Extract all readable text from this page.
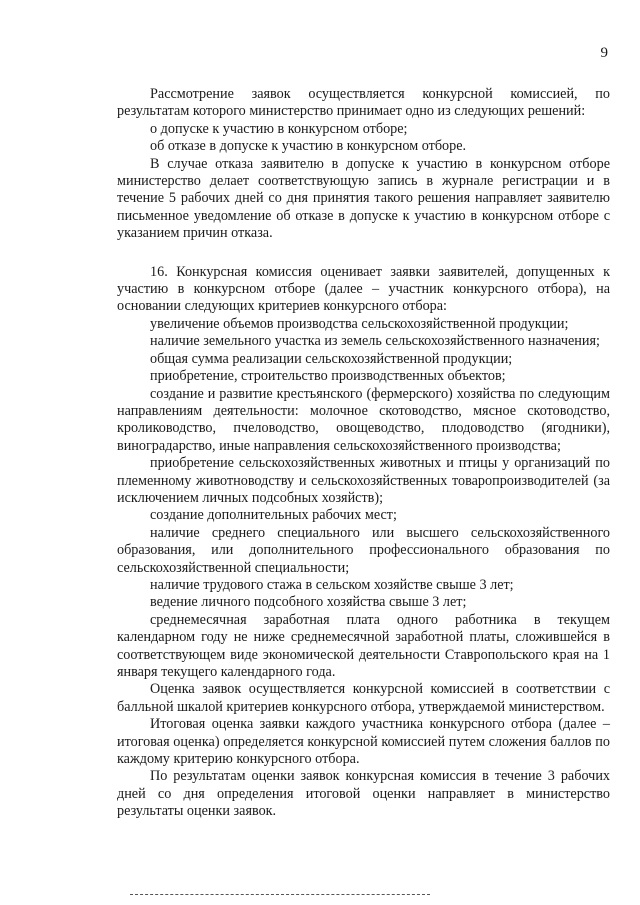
9

Рассмотрение заявок осуществляется конкурсной комиссией, по результатам которого министерство принимает одно из следующих решений:

о допуске к участию в конкурсном отборе;

об отказе в допуске к участию в конкурсном отборе.

В случае отказа заявителю в допуске к участию в конкурсном отборе министерство делает соответствующую запись в журнале регистрации и в течение 5 рабочих дней со дня принятия такого решения направляет заявителю письменное уведомление об отказе в допуске к участию в конкурсном отборе с указанием причин отказа.

16. Конкурсная комиссия оценивает заявки заявителей, допущенных к участию в конкурсном отборе (далее – участник конкурсного отбора), на основании следующих критериев конкурсного отбора:

увеличение объемов производства сельскохозяйственной продукции;

наличие земельного участка из земель сельскохозяйственного назначения;

общая сумма реализации сельскохозяйственной продукции;

приобретение, строительство производственных объектов;

создание и развитие крестьянского (фермерского) хозяйства по следующим направлениям деятельности: молочное скотоводство, мясное скотоводство, кролиководство, пчеловодство, овощеводство, плодоводство (ягодники), виноградарство, иные направления сельскохозяйственного производства;

приобретение сельскохозяйственных животных и птицы у организаций по племенному животноводству и сельскохозяйственных товаропроизводителей (за исключением личных подсобных хозяйств);

создание дополнительных рабочих мест;

наличие среднего специального или высшего сельскохозяйственного образования, или дополнительного профессионального образования по сельскохозяйственной специальности;

наличие трудового стажа в сельском хозяйстве свыше 3 лет;

ведение личного подсобного хозяйства свыше 3 лет;

среднемесячная заработная плата одного работника в текущем календарном году не ниже среднемесячной заработной платы, сложившейся в соответствующем виде экономической деятельности Ставропольского края на 1 января текущего календарного года.

Оценка заявок осуществляется конкурсной комиссией в соответствии с балльной шкалой критериев конкурсного отбора, утверждаемой министерством.

Итоговая оценка заявки каждого участника конкурсного отбора (далее – итоговая оценка) определяется конкурсной комиссией путем сложения баллов по каждому критерию конкурсного отбора.

По результатам оценки заявок конкурсная комиссия в течение 3 рабочих дней со дня определения итоговой оценки направляет в министерство результаты оценки заявок.
